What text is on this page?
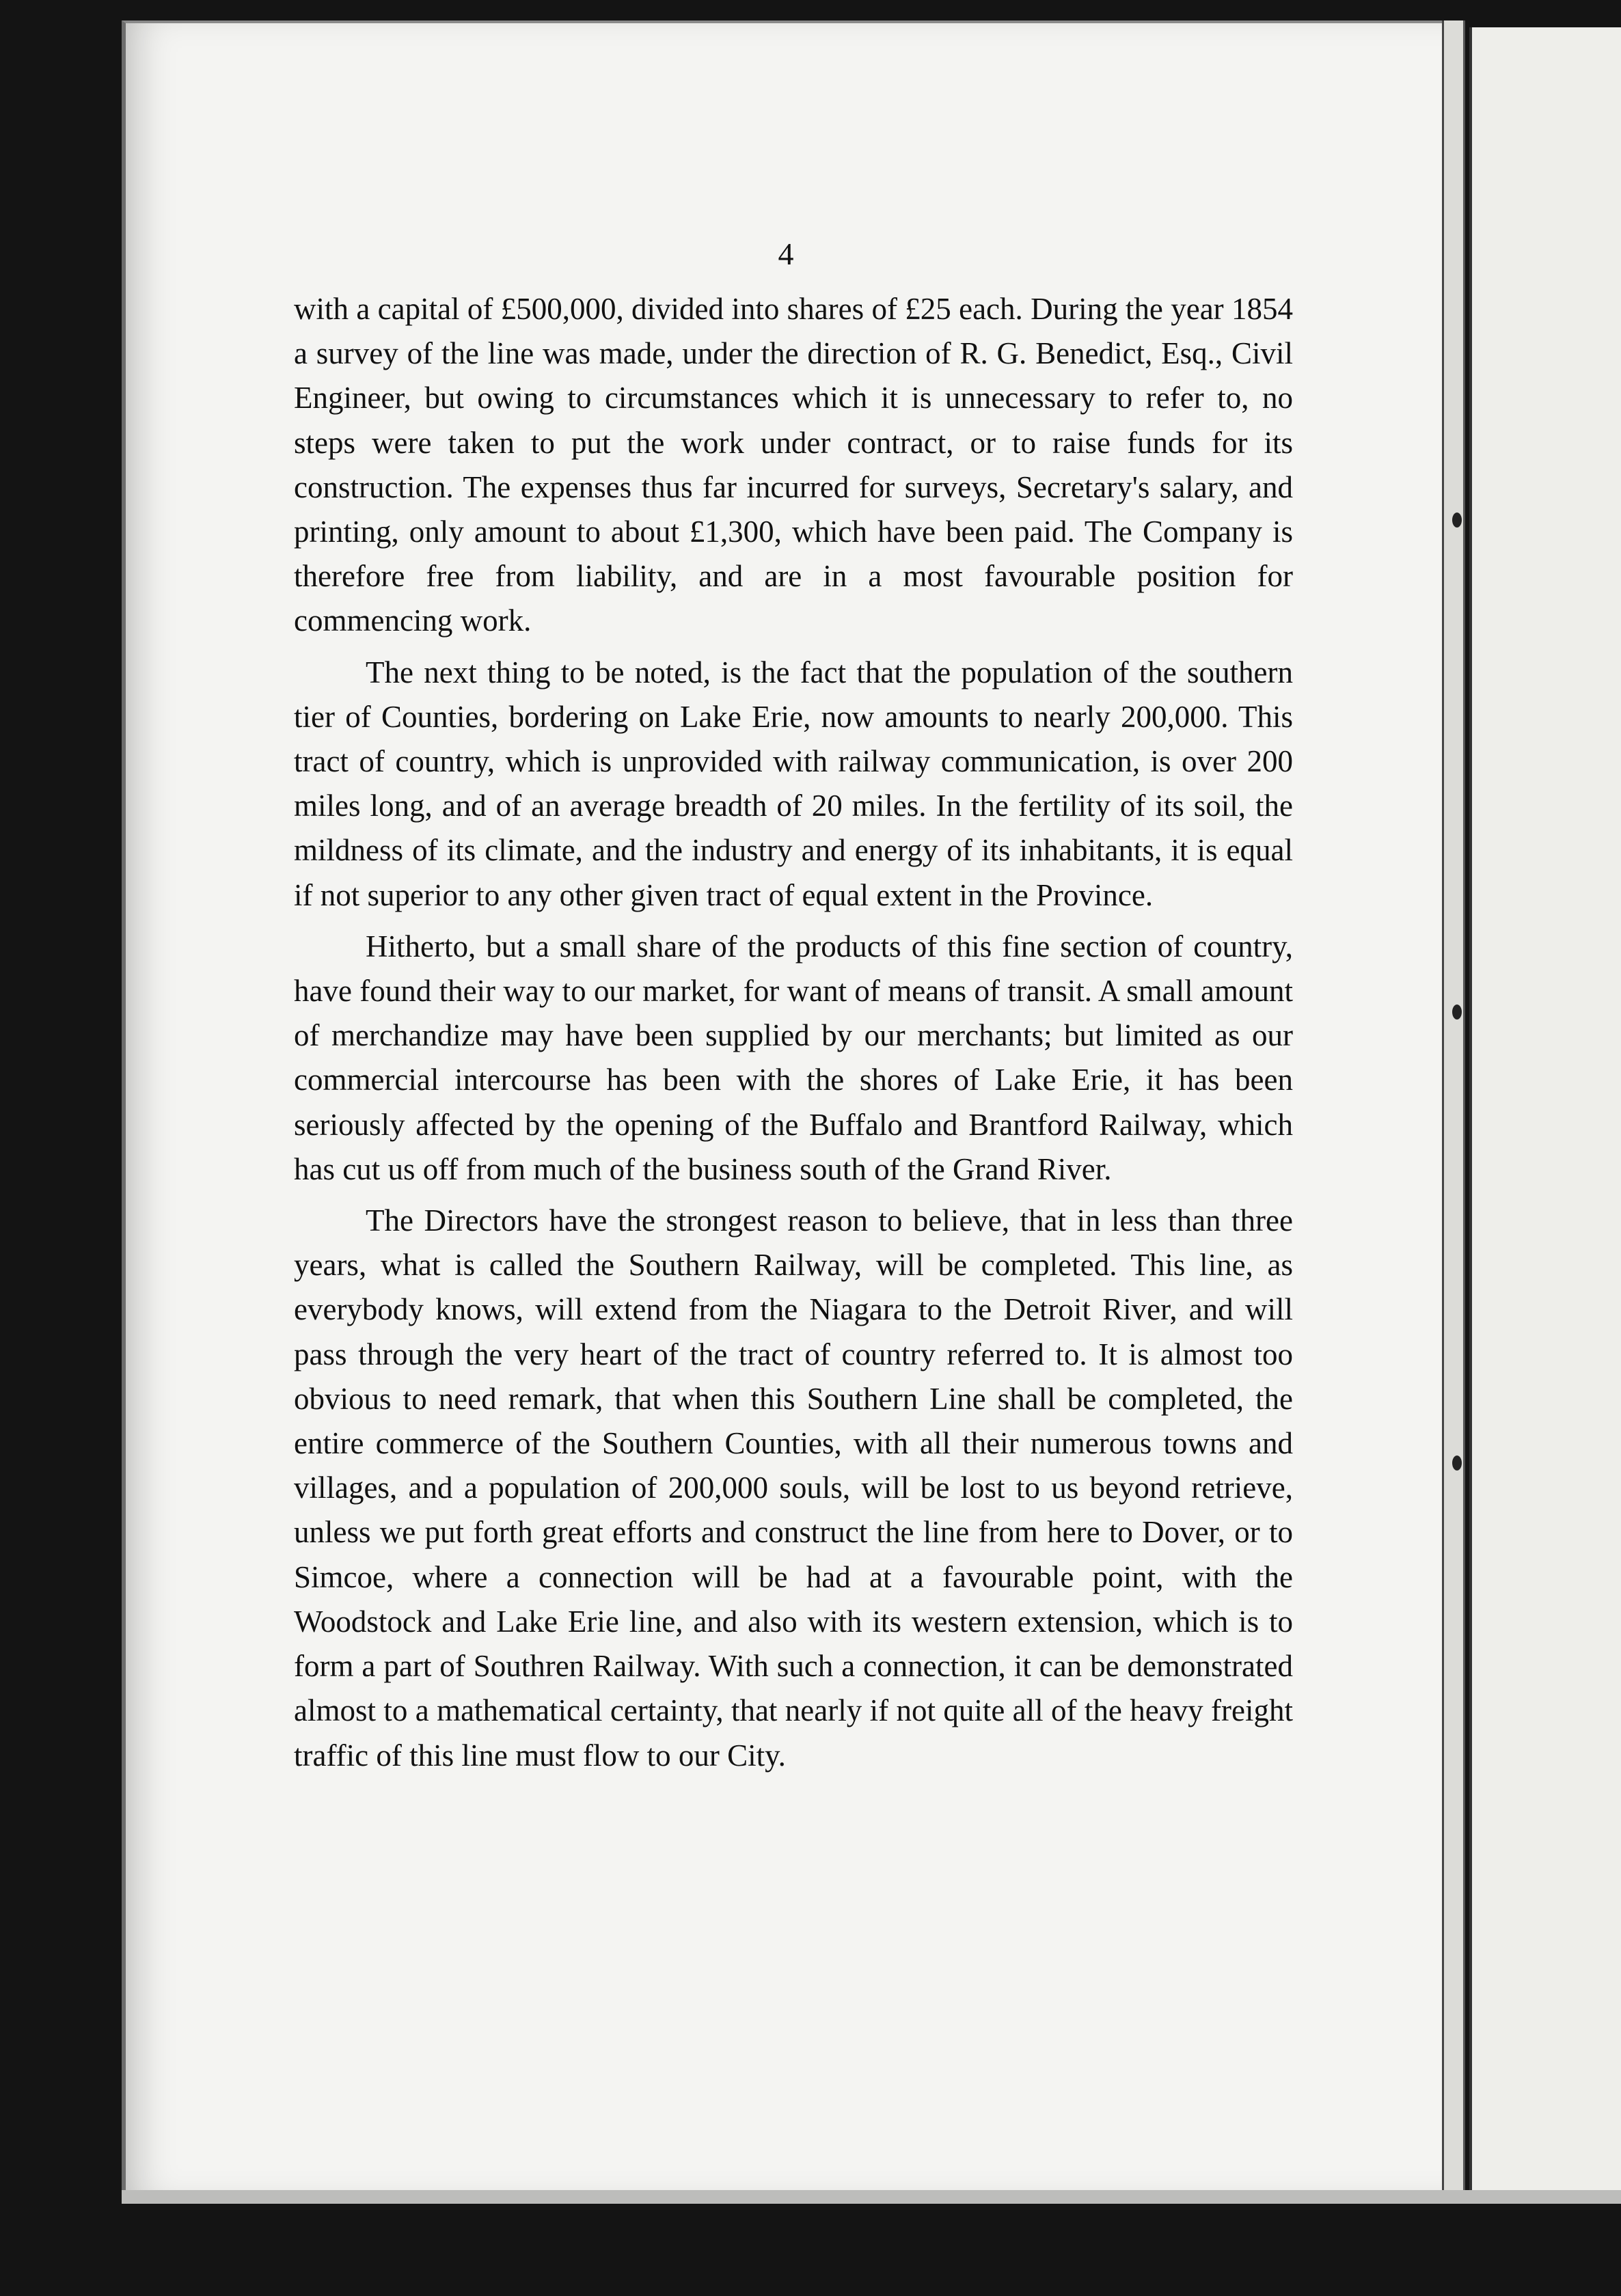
4

with a capital of £500,000, divided into shares of £25 each. During the year 1854 a survey of the line was made, under the direction of R. G. Benedict, Esq., Civil Engineer, but owing to circumstances which it is unnecessary to refer to, no steps were taken to put the work under contract, or to raise funds for its construction. The expenses thus far incurred for surveys, Secretary's salary, and printing, only amount to about £1,300, which have been paid. The Company is therefore free from liability, and are in a most favourable position for commencing work.

The next thing to be noted, is the fact that the population of the southern tier of Counties, bordering on Lake Erie, now amounts to nearly 200,000. This tract of country, which is unprovided with railway communication, is over 200 miles long, and of an average breadth of 20 miles. In the fertility of its soil, the mildness of its climate, and the industry and energy of its inhabitants, it is equal if not superior to any other given tract of equal extent in the Province.

Hitherto, but a small share of the products of this fine section of country, have found their way to our market, for want of means of transit. A small amount of merchandize may have been supplied by our merchants; but limited as our commercial intercourse has been with the shores of Lake Erie, it has been seriously affected by the opening of the Buffalo and Brantford Railway, which has cut us off from much of the business south of the Grand River.

The Directors have the strongest reason to believe, that in less than three years, what is called the Southern Railway, will be completed. This line, as everybody knows, will extend from the Niagara to the Detroit River, and will pass through the very heart of the tract of country referred to. It is almost too obvious to need remark, that when this Southern Line shall be completed, the entire commerce of the Southern Counties, with all their numerous towns and villages, and a population of 200,000 souls, will be lost to us beyond retrieve, unless we put forth great efforts and construct the line from here to Dover, or to Simcoe, where a connection will be had at a favourable point, with the Woodstock and Lake Erie line, and also with its western extension, which is to form a part of Southren Railway. With such a connection, it can be demonstrated almost to a mathematical certainty, that nearly if not quite all of the heavy freight traffic of this line must flow to our City.
